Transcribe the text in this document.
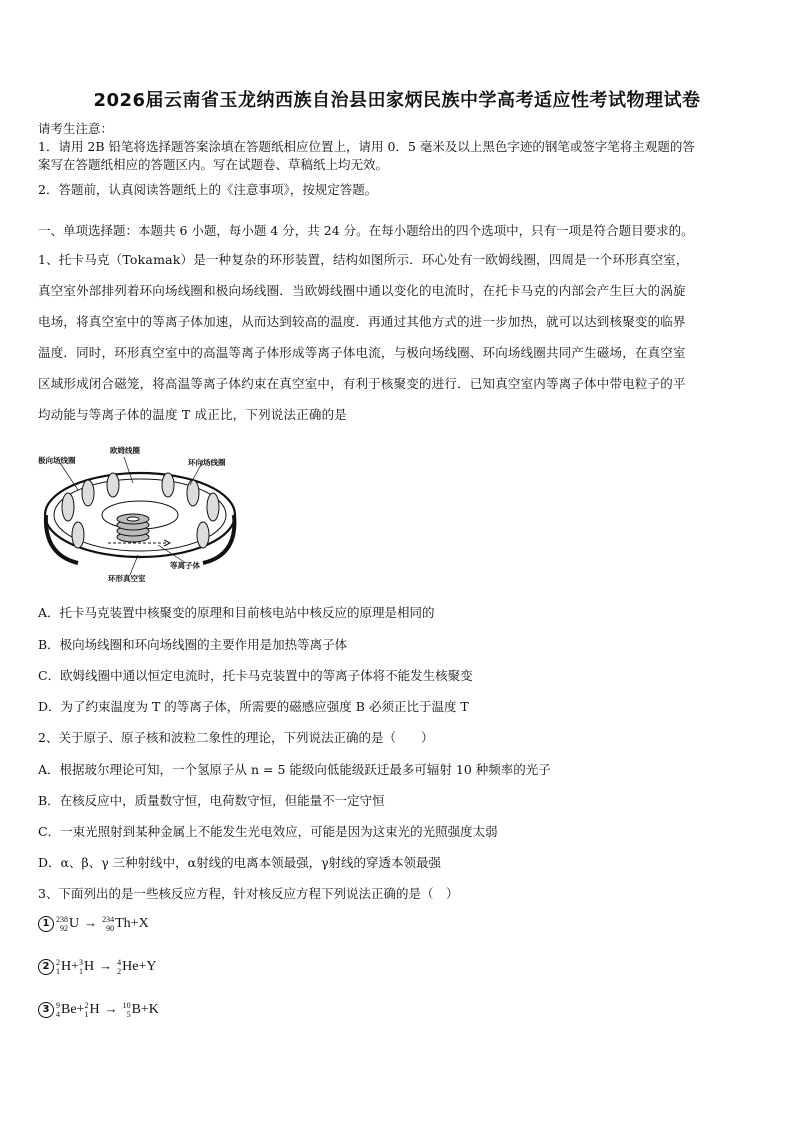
2026届云南省玉龙纳西族自治县田家炳民族中学高考适应性考试物理试卷
请考生注意：
1．请用 2B 铅笔将选择题答案涂填在答题纸相应位置上，请用 0．5 毫米及以上黑色字迹的钢笔或签字笔将主观题的答
案写在答题纸相应的答题区内。写在试题卷、草稿纸上均无效。
2．答题前，认真阅读答题纸上的《注意事项》，按规定答题。
一、单项选择题：本题共 6 小题，每小题 4 分，共 24 分。在每小题给出的四个选项中，只有一项是符合题目要求的。
1、托卡马克（Tokamak）是一种复杂的环形装置，结构如图所示．环心处有一欧姆线圈，四周是一个环形真空室，
真空室外部排列着环向场线圈和极向场线圈．当欧姆线圈中通以变化的电流时，在托卡马克的内部会产生巨大的涡旋
电场，将真空室中的等离子体加速，从而达到较高的温度．再通过其他方式的进一步加热，就可以达到核聚变的临界
温度．同时，环形真空室中的高温等离子体形成等离子体电流，与极向场线圈、环向场线圈共同产生磁场，在真空室
区域形成闭合磁笼，将高温等离子体约束在真空室中，有利于核聚变的进行．已知真空室内等离子体中带电粒子的平
均动能与等离子体的温度 T 成正比，下列说法正确的是
欧姆线圈
极向场线圈	环向场线圈
等离子体
环形真空室
A．托卡马克装置中核聚变的原理和目前核电站中核反应的原理是相同的
B．极向场线圈和环向场线圈的主要作用是加热等离子体
C．欧姆线圈中通以恒定电流时，托卡马克装置中的等离子体将不能发生核聚变
D．为了约束温度为 T 的等离子体，所需要的磁感应强度 B 必须正比于温度 T
2、关于原子、原子核和波粒二象性的理论，下列说法正确的是（　　）
A．根据玻尔理论可知，一个氢原子从 n = 5 能级向低能级跃迁最多可辐射 10 种频率的光子
B．在核反应中，质量数守恒，电荷数守恒，但能量不一定守恒
C．一束光照射到某种金属上不能发生光电效应，可能是因为这束光的光照强度太弱
D．α、β、γ 三种射线中，α射线的电离本领最强，γ射线的穿透本领最强
3、下面列出的是一些核反应方程，针对核反应方程下列说法正确的是（　）
1 238
92 U → 234
90 Th+X
2 2
1 H+ 3
1 H → 4
2 He+Y
3 9
4 Be+ 2
1 H → 10
5 B+K
